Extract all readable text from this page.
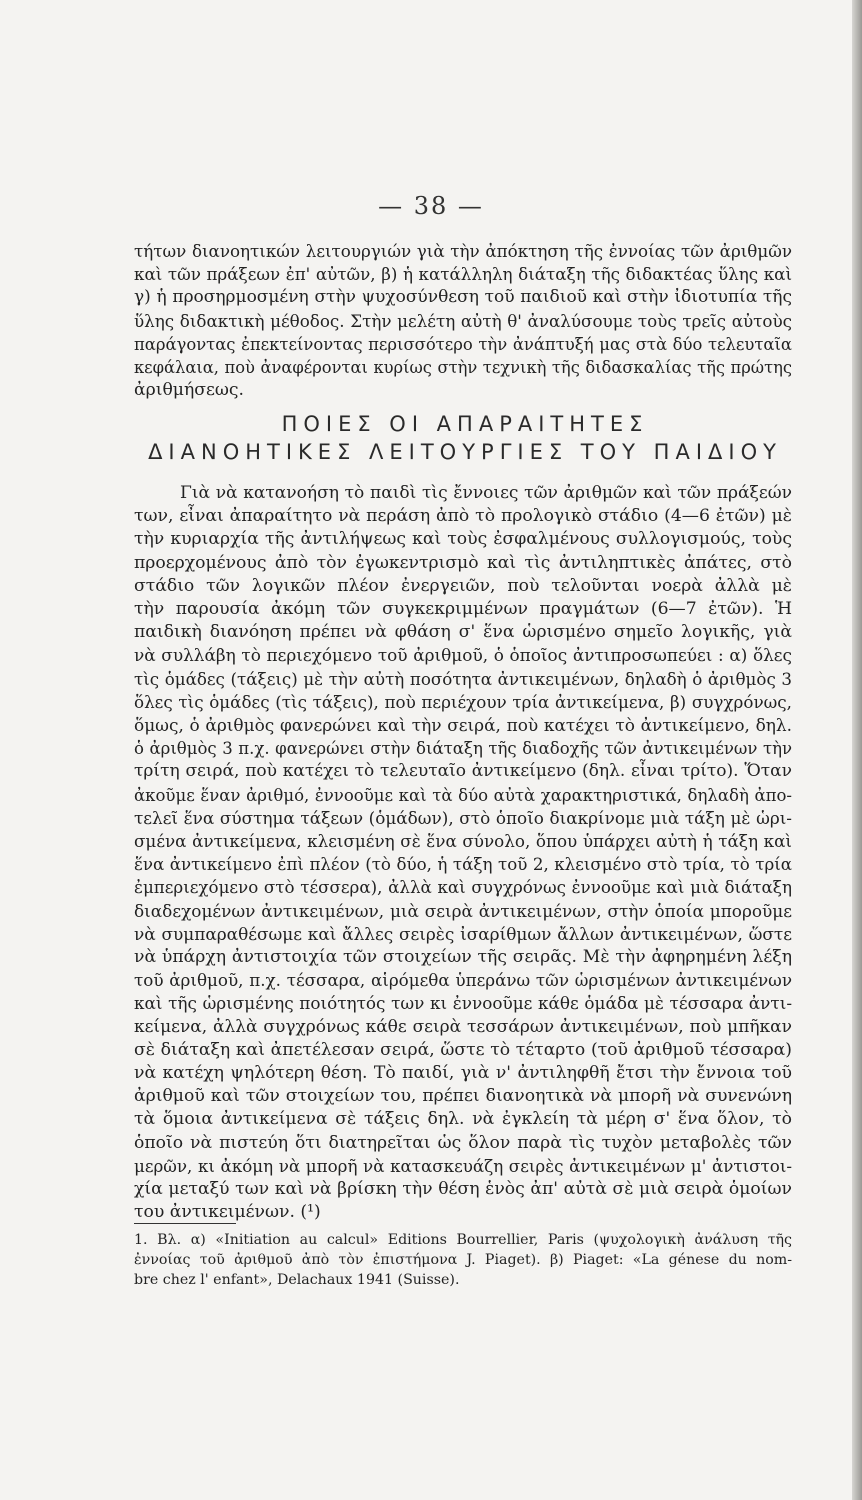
— 38 —
τήτων διανοητικών λειτουργιών γιὰ τὴν ἀπόκτηση τῆς ἐννοίας τῶν ἀριθμῶν
καὶ τῶν πράξεων ἐπ' αὐτῶν, β) ἡ κατάλληλη διάταξη τῆς διδακτέας ὕλης καὶ
γ) ἡ προσηρμοσμένη στὴν ψυχοσύνθεση τοῦ παιδιοῦ καὶ στὴν ἰδιοτυπία τῆς
ὕλης διδακτικὴ μέθοδος. Στὴν μελέτη αὐτὴ θ' ἀναλύσουμε τοὺς τρεῖς αὐτοὺς
παράγοντας ἐπεκτείνοντας περισσότερο τὴν ἀνάπτυξή μας στὰ δύο τελευταῖα
κεφάλαια, ποὺ ἀναφέρονται κυρίως στὴν τεχνικὴ τῆς διδασκαλίας τῆς πρώτης
ἀριθμήσεως.
ΠΟΙΕΣ ΟΙ ΑΠΑΡΑΙΤΗΤΕΣ
ΔΙΑΝΟΗΤΙΚΕΣ ΛΕΙΤΟΥΡΓΙΕΣ ΤΟΥ ΠΑΙΔΙΟΥ
Γιὰ νὰ κατανοήση τὸ παιδὶ τὶς ἔννοιες τῶν ἀριθμῶν καὶ τῶν πράξεών
των, εἶναι ἀπαραίτητο νὰ περάση ἀπὸ τὸ προλογικὸ στάδιο (4—6 ἐτῶν) μὲ
τὴν κυριαρχία τῆς ἀντιλήψεως καὶ τοὺς ἐσφαλμένους συλλογισμούς, τοὺς
προερχομένους ἀπὸ τὸν ἐγωκεντρισμὸ καὶ τὶς ἀντιληπτικὲς ἀπάτες, στὸ
στάδιο τῶν λογικῶν πλέον ἐνεργειῶν, ποὺ τελοῦνται νοερὰ ἀλλὰ μὲ
τὴν παρουσία ἀκόμη τῶν συγκεκριμμένων πραγμάτων (6—7 ἐτῶν). Ἡ
παιδικὴ διανόηση πρέπει νὰ φθάση σ' ἕνα ὡρισμένο σημεῖο λογικῆς, γιὰ
νὰ συλλάβη τὸ περιεχόμενο τοῦ ἀριθμοῦ, ὁ ὁποῖος ἀντιπροσωπεύει : α) ὅλες
τὶς ὁμάδες (τάξεις) μὲ τὴν αὐτὴ ποσότητα ἀντικειμένων, δηλαδὴ ὁ ἀριθμὸς 3
ὅλες τὶς ὁμάδες (τὶς τάξεις), ποὺ περιέχουν τρία ἀντικείμενα, β) συγχρόνως,
ὅμως, ὁ ἀριθμὸς φανερώνει καὶ τὴν σειρά, ποὺ κατέχει τὸ ἀντικείμενο, δηλ.
ὁ ἀριθμὸς 3 π.χ. φανερώνει στὴν διάταξη τῆς διαδοχῆς τῶν ἀντικειμένων τὴν
τρίτη σειρά, ποὺ κατέχει τὸ τελευταῖο ἀντικείμενο (δηλ. εἶναι τρίτο). Ὅταν
ἀκοῦμε ἕναν ἀριθμό, ἐννοοῦμε καὶ τὰ δύο αὐτὰ χαρακτηριστικά, δηλαδὴ ἀπο-
τελεῖ ἕνα σύστημα τάξεων (ὁμάδων), στὸ ὁποῖο διακρίνομε μιὰ τάξη μὲ ὡρι-
σμένα ἀντικείμενα, κλεισμένη σὲ ἕνα σύνολο, ὅπου ὑπάρχει αὐτὴ ἡ τάξη καὶ
ἕνα ἀντικείμενο ἐπὶ πλέον (τὸ δύο, ἡ τάξη τοῦ 2, κλεισμένο στὸ τρία, τὸ τρία
ἐμπεριεχόμενο στὸ τέσσερα), ἀλλὰ καὶ συγχρόνως ἐννοοῦμε καὶ μιὰ διάταξη
διαδεχομένων ἀντικειμένων, μιὰ σειρὰ ἀντικειμένων, στὴν ὁποία μποροῦμε
νὰ συμπαραθέσωμε καὶ ἄλλες σειρὲς ἰσαρίθμων ἄλλων ἀντικειμένων, ὥστε
νὰ ὑπάρχη ἀντιστοιχία τῶν στοιχείων τῆς σειρᾶς. Μὲ τὴν ἀφηρημένη λέξη
τοῦ ἀριθμοῦ, π.χ. τέσσαρα, αἱρόμεθα ὑπεράνω τῶν ὡρισμένων ἀντικειμένων
καὶ τῆς ὡρισμένης ποιότητός των κι ἐννοοῦμε κάθε ὁμάδα μὲ τέσσαρα ἀντι-
κείμενα, ἀλλὰ συγχρόνως κάθε σειρὰ τεσσάρων ἀντικειμένων, ποὺ μπῆκαν
σὲ διάταξη καὶ ἀπετέλεσαν σειρά, ὥστε τὸ τέταρτο (τοῦ ἀριθμοῦ τέσσαρα)
νὰ κατέχη ψηλότερη θέση. Τὸ παιδί, γιὰ ν' ἀντιληφθῆ ἔτσι τὴν ἔννοια τοῦ
ἀριθμοῦ καὶ τῶν στοιχείων του, πρέπει διανοητικὰ νὰ μπορῆ νὰ συνενώνη
τὰ ὅμοια ἀντικείμενα σὲ τάξεις δηλ. νὰ ἐγκλείη τὰ μέρη σ' ἕνα ὅλον, τὸ
ὁποῖο νὰ πιστεύη ὅτι διατηρεῖται ὡς ὅλον παρὰ τὶς τυχὸν μεταβολὲς τῶν
μερῶν, κι ἀκόμη νὰ μπορῆ νὰ κατασκευάζη σειρὲς ἀντικειμένων μ' ἀντιστοι-
χία μεταξύ των καὶ νὰ βρίσκη τὴν θέση ἑνὸς ἀπ' αὐτὰ σὲ μιὰ σειρὰ ὁμοίων
του ἀντικειμένων. (¹)
1. Βλ. α) «Initiation au calcul» Editions Bourrellier, Paris (ψυχολογικὴ ἀνάλυση τῆς
ἐννοίας τοῦ ἀριθμοῦ ἀπὸ τὸν ἐπιστήμονα J. Piaget). β) Piaget: «La génese du nom-
bre chez l' enfant», Delachaux 1941 (Suisse).
